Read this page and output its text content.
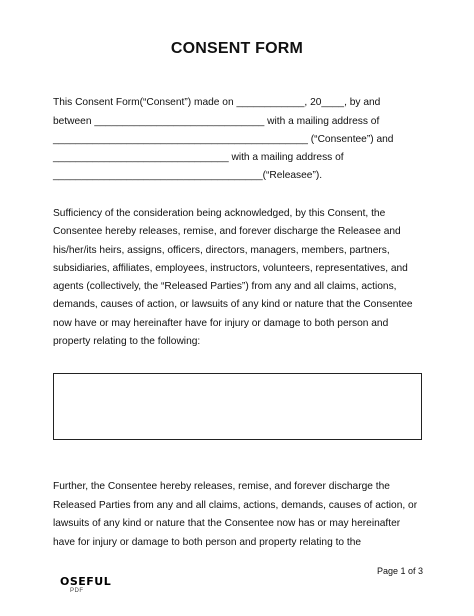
CONSENT FORM
This Consent Form(“Consent”) made on ____________, 20____, by and
between ______________________________ with a mailing address of
_____________________________________________ (“Consentee”) and
_______________________________ with a mailing address of
_____________________________________(“Releasee”).
Sufficiency of the consideration being acknowledged, by this Consent, the
Consentee hereby releases, remise, and forever discharge the Releasee and
his/her/its heirs, assigns, officers, directors, managers, members, partners,
subsidiaries, affiliates, employees, instructors, volunteers, representatives, and
agents (collectively, the “Released Parties”) from any and all claims, actions,
demands, causes of action, or lawsuits of any kind or nature that the Consentee
now have or may hereinafter have for injury or damage to both person and
property relating to the following:
Further, the Consentee hereby releases, remise, and forever discharge the
Released Parties from any and all claims, actions, demands, causes of action, or
lawsuits of any kind or nature that the Consentee now has or may hereinafter
have for injury or damage to both person and property relating to the
Page 1 of 3
OSEFUL
PDF
